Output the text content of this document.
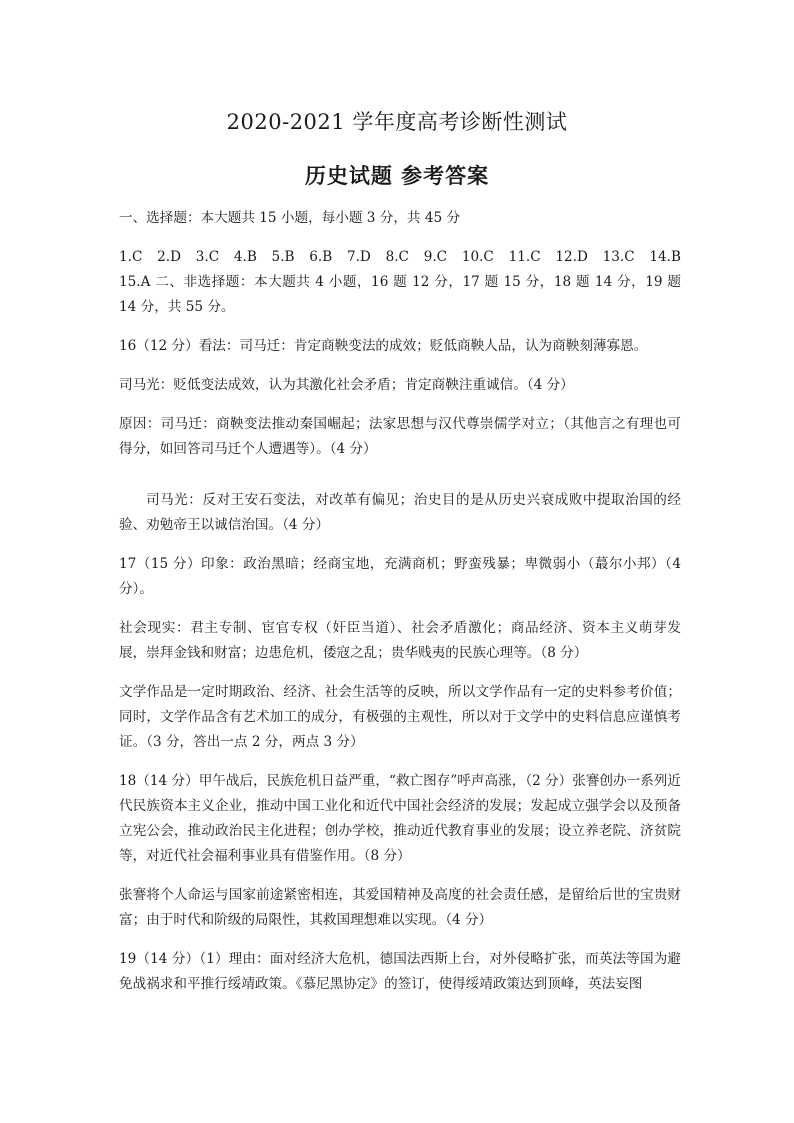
2020-2021 学年度高考诊断性测试
历史试题 参考答案

一、选择题：本大题共 15 小题，每小题 3 分，共 45 分

1.C　2.D　3.C　4.B　5.B　6.B　7.D　8.C　9.C　10.C　11.C　12.D　13.C　14.B　15.A 二、非选择题：本大题共 4 小题，16 题 12 分，17 题 15 分，18 题 14 分，19 题 14 分，共 55 分。

16（12 分）看法：司马迁：肯定商鞅变法的成效；贬低商鞅人品，认为商鞅刻薄寡恩。

司马光：贬低变法成效，认为其激化社会矛盾；肯定商鞅注重诚信。（4 分）

原因：司马迁：商鞅变法推动秦国崛起；法家思想与汉代尊崇儒学对立；（其他言之有理也可得分，如回答司马迁个人遭遇等）。（4 分）

司马光：反对王安石变法，对改革有偏见；治史目的是从历史兴衰成败中提取治国的经验、劝勉帝王以诚信治国。（4 分）

17（15 分）印象：政治黑暗；经商宝地，充满商机；野蛮残暴；卑微弱小（蕞尔小邦）（4 分）。

社会现实：君主专制、宦官专权（奸臣当道）、社会矛盾激化；商品经济、资本主义萌芽发展，崇拜金钱和财富；边患危机，倭寇之乱；贵华贱夷的民族心理等。（8 分）

文学作品是一定时期政治、经济、社会生活等的反映，所以文学作品有一定的史料参考价值；同时，文学作品含有艺术加工的成分，有极强的主观性，所以对于文学中的史料信息应谨慎考证。（3 分，答出一点 2 分，两点 3 分）

18（14 分）甲午战后，民族危机日益严重，“救亡图存”呼声高涨，（2 分）张謇创办一系列近代民族资本主义企业，推动中国工业化和近代中国社会经济的发展；发起成立强学会以及预备立宪公会，推动政治民主化进程；创办学校，推动近代教育事业的发展；设立养老院、济贫院等，对近代社会福利事业具有借鉴作用。（8 分）

张謇将个人命运与国家前途紧密相连，其爱国精神及高度的社会责任感，是留给后世的宝贵财富；由于时代和阶级的局限性，其救国理想难以实现。（4 分）

19（14 分）（1）理由：面对经济大危机，德国法西斯上台，对外侵略扩张，而英法等国为避免战祸求和平推行绥靖政策。《慕尼黑协定》的签订，使得绥靖政策达到顶峰，英法妄图
